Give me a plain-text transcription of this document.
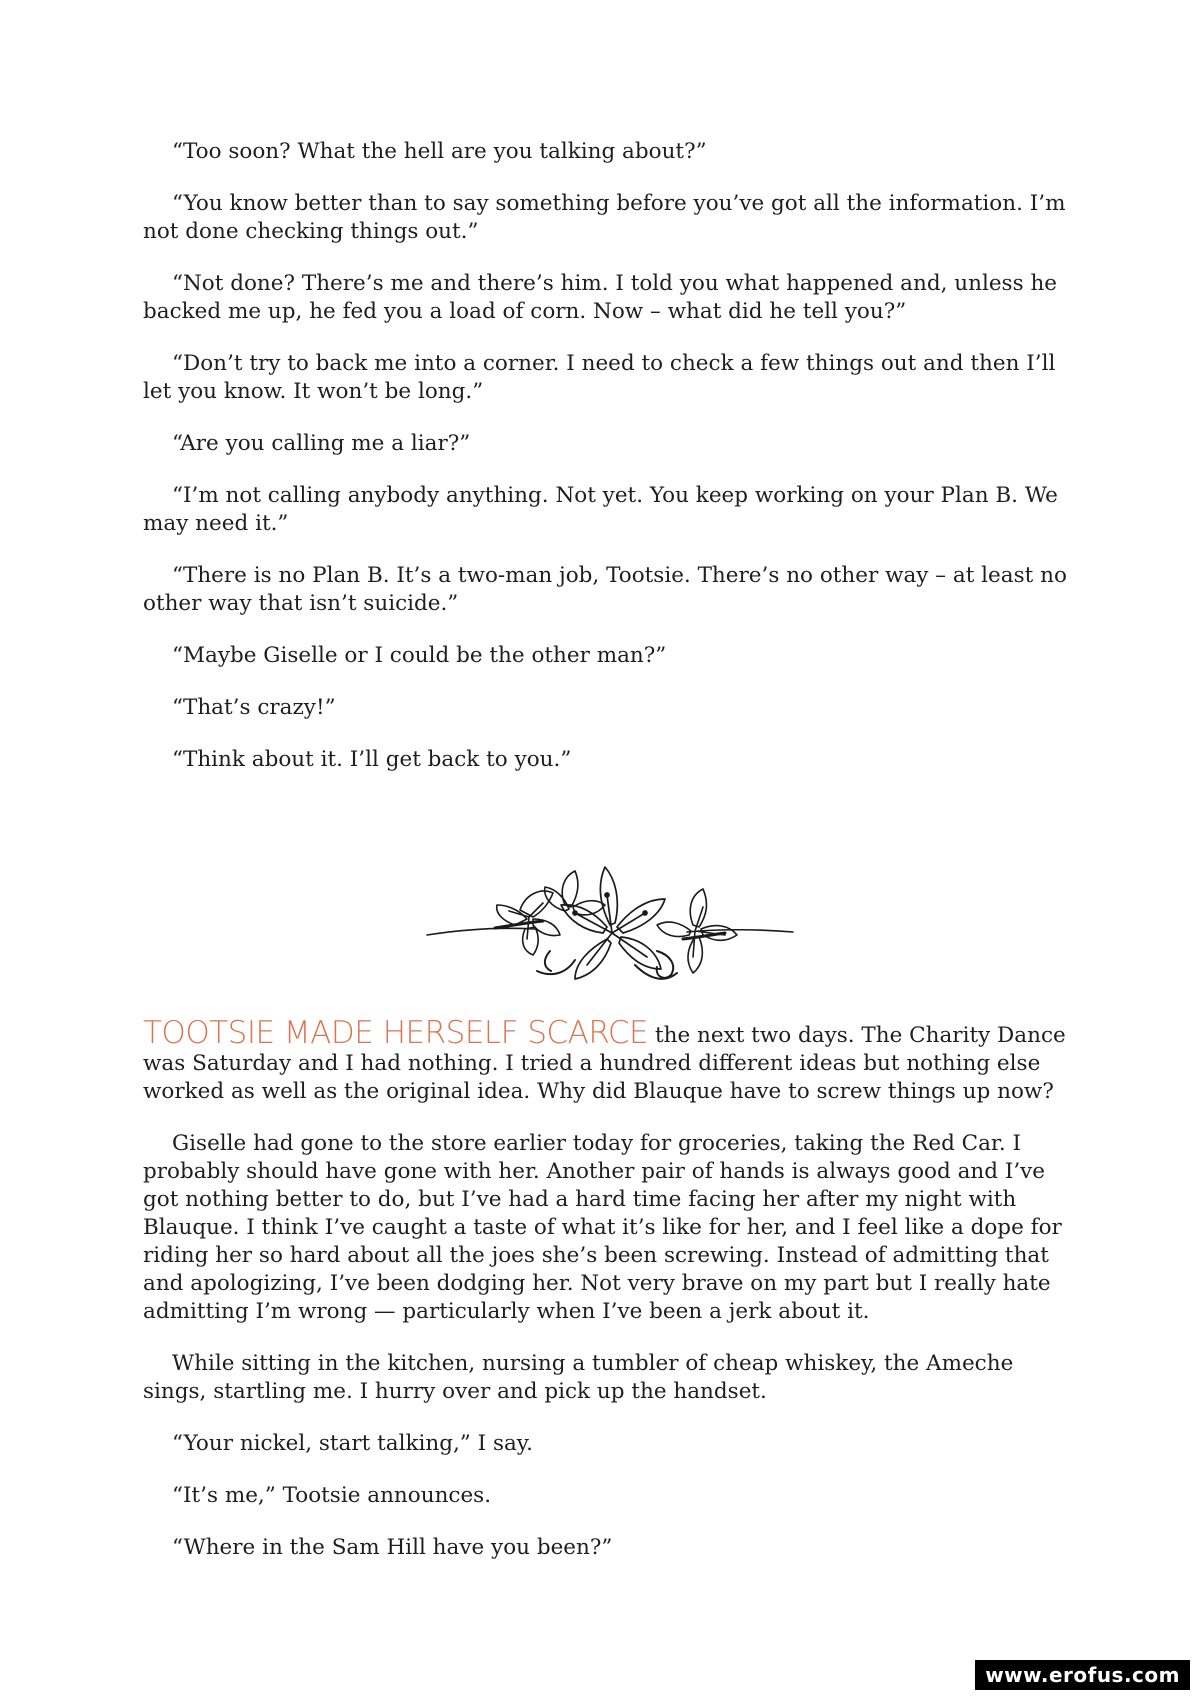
“Too soon? What the hell are you talking about?”

“You know better than to say something before you’ve got all the information. I’m not done checking things out.”

“Not done? There’s me and there’s him. I told you what happened and, unless he backed me up, he fed you a load of corn. Now – what did he tell you?”

“Don’t try to back me into a corner. I need to check a few things out and then I’ll let you know. It won’t be long.”

“Are you calling me a liar?”

“I’m not calling anybody anything. Not yet. You keep working on your Plan B. We may need it.”

“There is no Plan B. It’s a two-man job, Tootsie. There’s no other way – at least no other way that isn’t suicide.”

“Maybe Giselle or I could be the other man?”

“That’s crazy!”

“Think about it. I’ll get back to you.”

TOOTSIE MADE HERSELF SCARCE the next two days. The Charity Dance was Saturday and I had nothing. I tried a hundred different ideas but nothing else worked as well as the original idea. Why did Blauque have to screw things up now?

Giselle had gone to the store earlier today for groceries, taking the Red Car. I probably should have gone with her. Another pair of hands is always good and I’ve got nothing better to do, but I’ve had a hard time facing her after my night with Blauque. I think I’ve caught a taste of what it’s like for her, and I feel like a dope for riding her so hard about all the joes she’s been screwing. Instead of admitting that and apologizing, I’ve been dodging her. Not very brave on my part but I really hate admitting I’m wrong — particularly when I’ve been a jerk about it.

While sitting in the kitchen, nursing a tumbler of cheap whiskey, the Ameche sings, startling me. I hurry over and pick up the handset.

“Your nickel, start talking,” I say.

“It’s me,” Tootsie announces.

“Where in the Sam Hill have you been?”

www.erofus.com
